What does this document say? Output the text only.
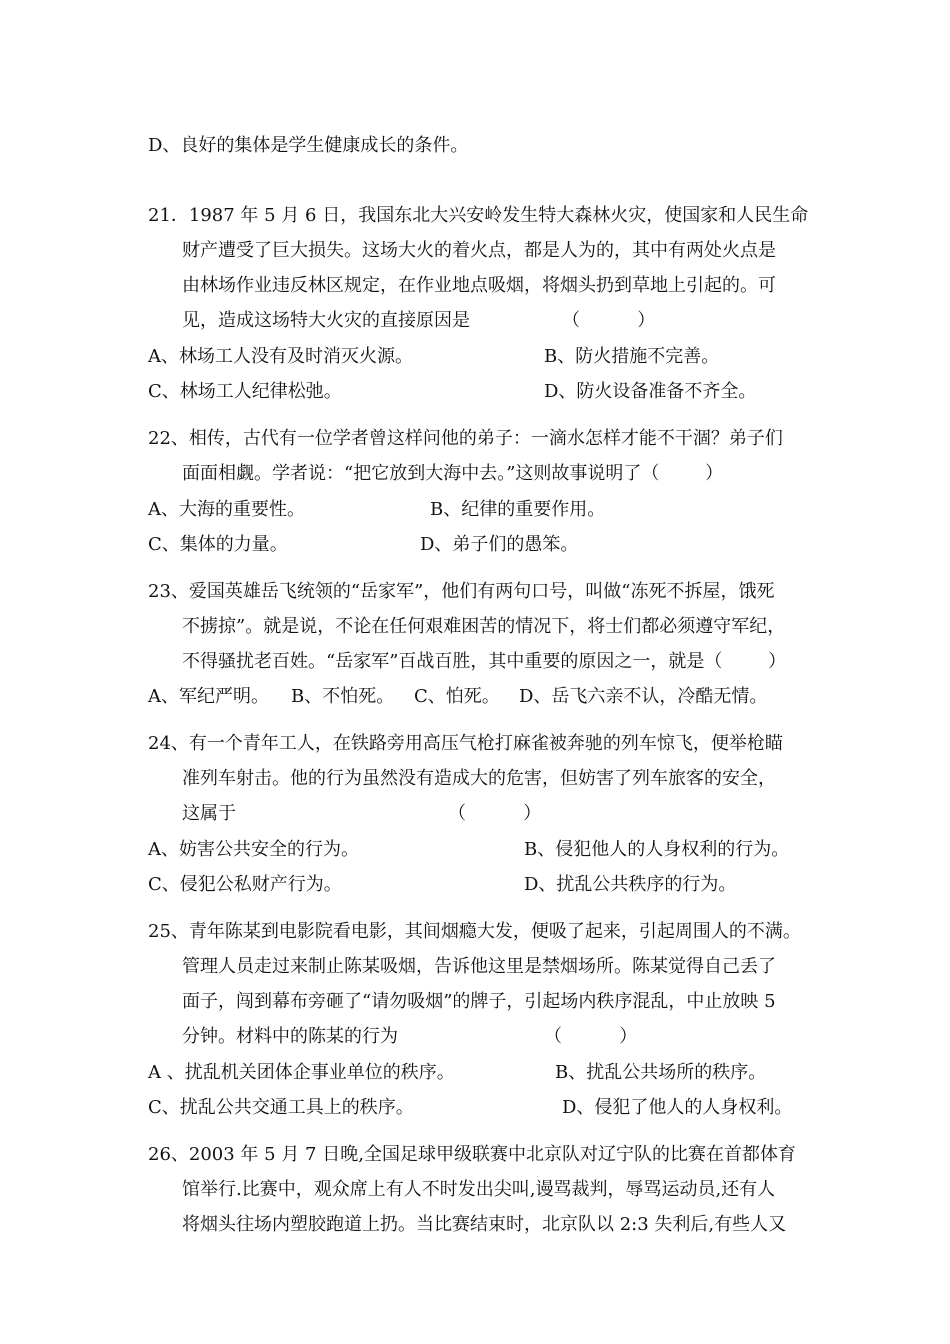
D、良好的集体是学生健康成长的条件。
21．1987 年 5 月 6 日，我国东北大兴安岭发生特大森林火灾，使国家和人民生命
财产遭受了巨大损失。这场大火的着火点，都是人为的，其中有两处火点是
由林场作业违反林区规定，在作业地点吸烟，将烟头扔到草地上引起的。可
见，造成这场特大火灾的直接原因是	（          ）
A、林场工人没有及时消灭火源。	B、防火措施不完善。
C、林场工人纪律松弛。	D、防火设备准备不齐全。
22、相传，古代有一位学者曾这样问他的弟子：一滴水怎样才能不干涸？弟子们
面面相觑。学者说：“把它放到大海中去。”这则故事说明了（        ）
A、大海的重要性。	B、纪律的重要作用。
C、集体的力量。	D、弟子们的愚笨。
23、爱国英雄岳飞统领的“岳家军”，他们有两句口号，叫做“冻死不拆屋，饿死
不掳掠”。就是说，不论在任何艰难困苦的情况下，将士们都必须遵守军纪，
不得骚扰老百姓。“岳家军”百战百胜，其中重要的原因之一，就是（        ）
A、军纪严明。 B、不怕死。 C、怕死。 D、岳飞六亲不认，冷酷无情。
24、有一个青年工人，在铁路旁用高压气枪打麻雀被奔驰的列车惊飞，便举枪瞄
准列车射击。他的行为虽然没有造成大的危害，但妨害了列车旅客的安全，
这属于	（          ）
A、妨害公共安全的行为。	B、侵犯他人的人身权利的行为。
C、侵犯公私财产行为。	D、扰乱公共秩序的行为。
25、青年陈某到电影院看电影，其间烟瘾大发，便吸了起来，引起周围人的不满。
管理人员走过来制止陈某吸烟，告诉他这里是禁烟场所。陈某觉得自己丢了
面子，闯到幕布旁砸了“请勿吸烟”的牌子，引起场内秩序混乱，中止放映 5
分钟。材料中的陈某的行为	（          ）
A 、扰乱机关团体企事业单位的秩序。	B、扰乱公共场所的秩序。
C、扰乱公共交通工具上的秩序。	D、侵犯了他人的人身权利。
26、2003 年 5 月 7 日晚,全国足球甲级联赛中北京队对辽宁队的比赛在首都体育
馆举行.比赛中，观众席上有人不时发出尖叫,谩骂裁判，辱骂运动员,还有人
将烟头往场内塑胶跑道上扔。当比赛结束时，北京队以 2:3 失利后,有些人又
